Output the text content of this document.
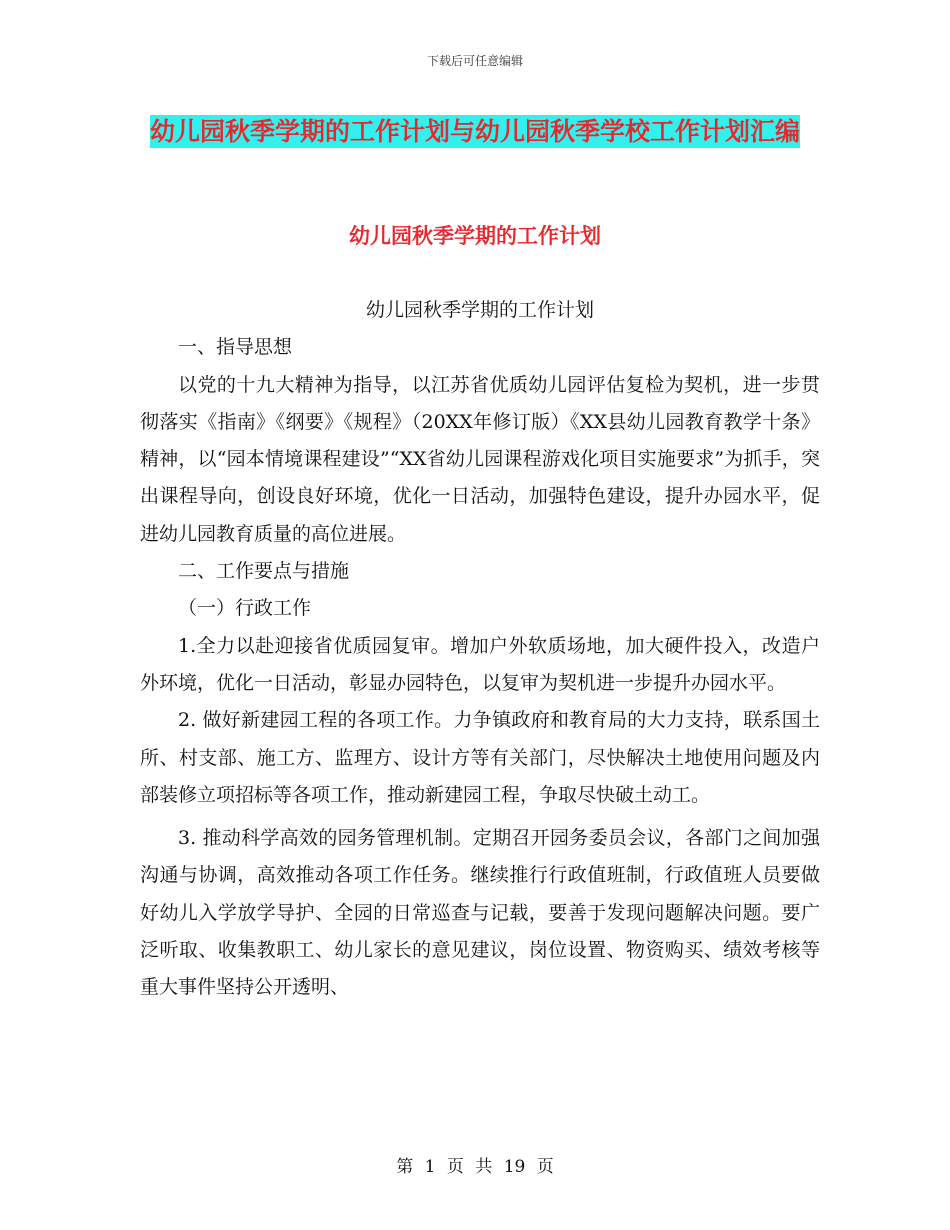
下载后可任意编辑
幼儿园秋季学期的工作计划与幼儿园秋季学校工作计划汇编
幼儿园秋季学期的工作计划

幼儿园秋季学期的工作计划

一、指导思想

以党的十九大精神为指导，以江苏省优质幼儿园评估复检为契机，进一步贯彻落实《指南》《纲要》《规程》（20XX年修订版）《XX县幼儿园教育教学十条》精神，以“园本情境课程建设”“XX省幼儿园课程游戏化项目实施要求”为抓手，突出课程导向，创设良好环境，优化一日活动，加强特色建设，提升办园水平，促进幼儿园教育质量的高位进展。

二、工作要点与措施

（一）行政工作

1.全力以赴迎接省优质园复审。增加户外软质场地，加大硬件投入，改造户外环境，优化一日活动，彰显办园特色，以复审为契机进一步提升办园水平。

2. 做好新建园工程的各项工作。力争镇政府和教育局的大力支持，联系国土所、村支部、施工方、监理方、设计方等有关部门，尽快解决土地使用问题及内部装修立项招标等各项工作，推动新建园工程，争取尽快破土动工。

3. 推动科学高效的园务管理机制。定期召开园务委员会议，各部门之间加强沟通与协调，高效推动各项工作任务。继续推行行政值班制，行政值班人员要做好幼儿入学放学导护、全园的日常巡查与记载，要善于发现问题解决问题。要广泛听取、收集教职工、幼儿家长的意见建议，岗位设置、物资购买、绩效考核等重大事件坚持公开透明、

第 1 页 共 19 页
